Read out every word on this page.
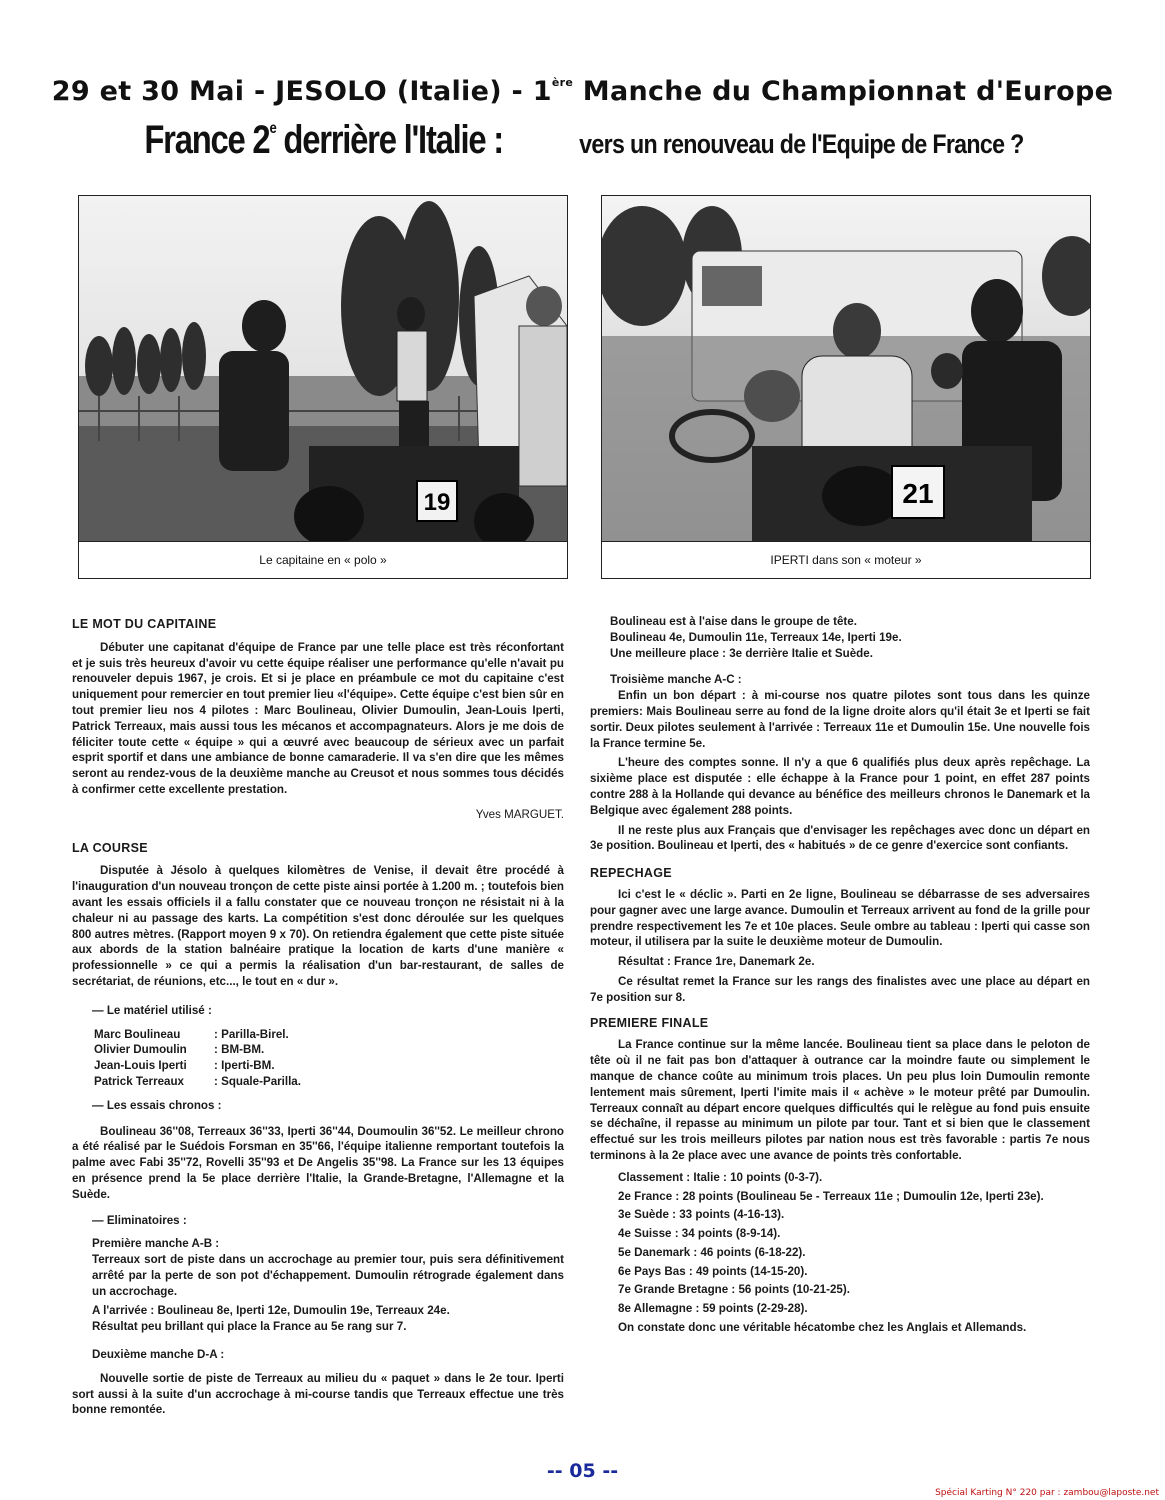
29 et 30 Mai - JESOLO (Italie) - 1ère Manche du Championnat d'Europe
France 2e derrière l'Italie :	vers un renouveau de l'Equipe de France ?
19
Le capitaine en « polo »
21
IPERTI dans son « moteur »

LE MOT DU CAPITAINE

Débuter une capitanat d'équipe de France par une telle place est très réconfortant et je suis très heureux d'avoir vu cette équipe réaliser une performance qu'elle n'avait pu renouveler depuis 1967, je crois. Et si je place en préambule ce mot du capitaine c'est uniquement pour remercier en tout premier lieu «l'équipe». Cette équipe c'est bien sûr en tout premier lieu nos 4 pilotes : Marc Boulineau, Olivier Dumoulin, Jean-Louis Iperti, Patrick Terreaux, mais aussi tous les mécanos et accompagnateurs. Alors je me dois de féliciter toute cette « équipe » qui a œuvré avec beaucoup de sérieux avec un parfait esprit sportif et dans une ambiance de bonne camaraderie. Il va s'en dire que les mêmes seront au rendez-vous de la deuxième manche au Creusot et nous sommes tous décidés à confirmer cette excellente prestation.

Yves MARGUET.

LA COURSE

Disputée à Jésolo à quelques kilomètres de Venise, il devait être procédé à l'inauguration d'un nouveau tronçon de cette piste ainsi portée à 1.200 m. ; toutefois bien avant les essais officiels il a fallu constater que ce nouveau tronçon ne résistait ni à la chaleur ni au passage des karts. La compétition s'est donc déroulée sur les quelques 800 autres mètres. (Rapport moyen 9 x 70). On retiendra également que cette piste située aux abords de la station balnéaire pratique la location de karts d'une manière « professionnelle » ce qui a permis la réalisation d'un bar-restaurant, de salles de secrétariat, de réunions, etc..., le tout en « dur ».

— Le matériel utilisé :

Marc Boulineau	: Parilla-Birel.
Olivier Dumoulin : BM-BM.
Jean-Louis Iperti : Iperti-BM.
Patrick Terreaux	: Squale-Parilla.

— Les essais chronos :

Boulineau 36''08, Terreaux 36''33, Iperti 36''44, Doumoulin 36''52. Le meilleur chrono a été réalisé par le Suédois Forsman en 35''66, l'équipe italienne remportant toutefois la palme avec Fabi 35''72, Rovelli 35''93 et De Angelis 35''98. La France sur les 13 équipes en présence prend la 5e place derrière l'Italie, la Grande-Bretagne, l'Allemagne et la Suède.

— Eliminatoires :

Première manche A-B :

Terreaux sort de piste dans un accrochage au premier tour, puis sera définitivement arrêté par la perte de son pot d'échappement. Dumoulin rétrograde également dans un accrochage.

A l'arrivée : Boulineau 8e, Iperti 12e, Dumoulin 19e, Terreaux 24e.

Résultat peu brillant qui place la France au 5e rang sur 7.

Deuxième manche D-A :

Nouvelle sortie de piste de Terreaux au milieu du « paquet » dans le 2e tour. Iperti sort aussi à la suite d'un accrochage à mi-course tandis que Terreaux effectue une très bonne remontée.

Boulineau est à l'aise dans le groupe de tête.

Boulineau 4e, Dumoulin 11e, Terreaux 14e, Iperti 19e.

Une meilleure place : 3e derrière Italie et Suède.

Troisième manche A-C :

Enfin un bon départ : à mi-course nos quatre pilotes sont tous dans les quinze premiers: Mais Boulineau serre au fond de la ligne droite alors qu'il était 3e et Iperti se fait sortir. Deux pilotes seulement à l'arrivée : Terreaux 11e et Dumoulin 15e. Une nouvelle fois la France termine 5e.

L'heure des comptes sonne. Il n'y a que 6 qualifiés plus deux après repêchage. La sixième place est disputée : elle échappe à la France pour 1 point, en effet 287 points contre 288 à la Hollande qui devance au bénéfice des meilleurs chronos le Danemark et la Belgique avec également 288 points.

Il ne reste plus aux Français que d'envisager les repêchages avec donc un départ en 3e position. Boulineau et Iperti, des « habitués » de ce genre d'exercice sont confiants.

REPECHAGE

Ici c'est le « déclic ». Parti en 2e ligne, Boulineau se débarrasse de ses adversaires pour gagner avec une large avance. Dumoulin et Terreaux arrivent au fond de la grille pour prendre respectivement les 7e et 10e places. Seule ombre au tableau : Iperti qui casse son moteur, il utilisera par la suite le deuxième moteur de Dumoulin.

Résultat : France 1re, Danemark 2e.

Ce résultat remet la France sur les rangs des finalistes avec une place au départ en 7e position sur 8.

PREMIERE FINALE

La France continue sur la même lancée. Boulineau tient sa place dans le peloton de tête où il ne fait pas bon d'attaquer à outrance car la moindre faute ou simplement le manque de chance coûte au minimum trois places. Un peu plus loin Dumoulin remonte lentement mais sûrement, Iperti l'imite mais il « achève » le moteur prêté par Dumoulin. Terreaux connaît au départ encore quelques difficultés qui le relègue au fond puis ensuite se déchaîne, il repasse au minimum un pilote par tour. Tant et si bien que le classement effectué sur les trois meilleurs pilotes par nation nous est très favorable : partis 7e nous terminons à la 2e place avec une avance de points très confortable.

Classement : Italie : 10 points (0-3-7).

2e France : 28 points (Boulineau 5e - Terreaux 11e ; Dumoulin 12e, Iperti 23e).

3e Suède : 33 points (4-16-13).

4e Suisse : 34 points (8-9-14).

5e Danemark : 46 points (6-18-22).

6e Pays Bas : 49 points (14-15-20).

7e Grande Bretagne : 56 points (10-21-25).

8e Allemagne : 59 points (2-29-28).

On constate donc une véritable hécatombe chez les Anglais et Allemands.

-- 05 --
Spécial Karting N° 220 par : zambou@laposte.net
